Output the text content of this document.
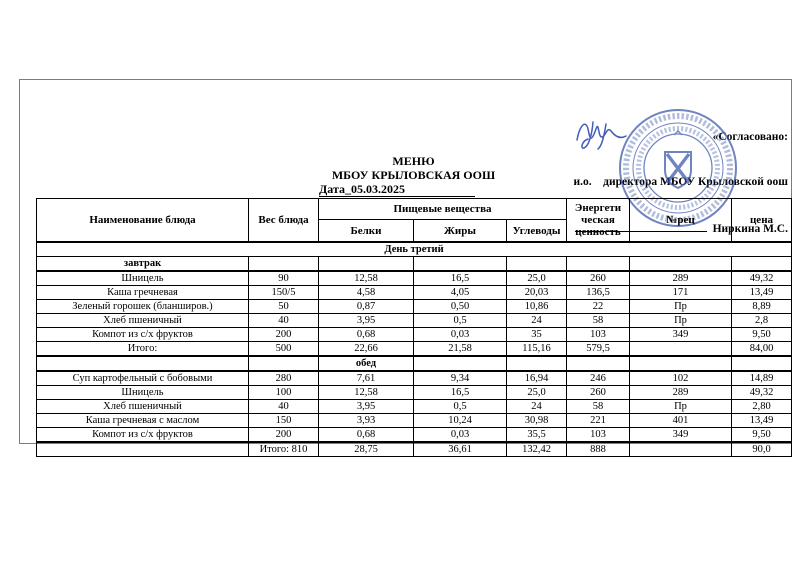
«Согласовано:

и.о.    директора МБОУ Крыловской оош

Ниркина М.С.

МЕНЮ
МБОУ КРЫЛОВСКАЯ ООШ
Дата_05.03.2025
Наименование блюда	Вес блюда	Пищевые вещества			Энергети ческая ценность	№рец	цена
		Белки	Жиры	Углеводы			
День третий							
завтрак							
Шницель	90	12,58	16,5	25,0	260	289	49,32
Каша гречневая	150/5	4,58	4,05	20,03	136,5	171	13,49
Зеленый горошек (бланширов.)	50	0,87	0,50	10,86	22	Пр	8,89
Хлеб пшеничный	40	3,95	0,5	24	58	Пр	2,8
Компот из с/х фруктов	200	0,68	0,03	35	103	349	9,50
Итого:	500	22,66	21,58	115,16	579,5		84,00
		обед					
Суп картофельный с бобовыми	280	7,61	9,34	16,94	246	102	14,89
Шницель	100	12,58	16,5	25,0	260	289	49,32
Хлеб пшеничный	40	3,95	0,5	24	58	Пр	2,80
Каша гречневая с маслом	150	3,93	10,24	30,98	221	401	13,49
Компот из с/х фруктов	200	0,68	0,03	35,5	103	349	9,50
	Итого: 810	28,75	36,61	132,42	888		90,0
